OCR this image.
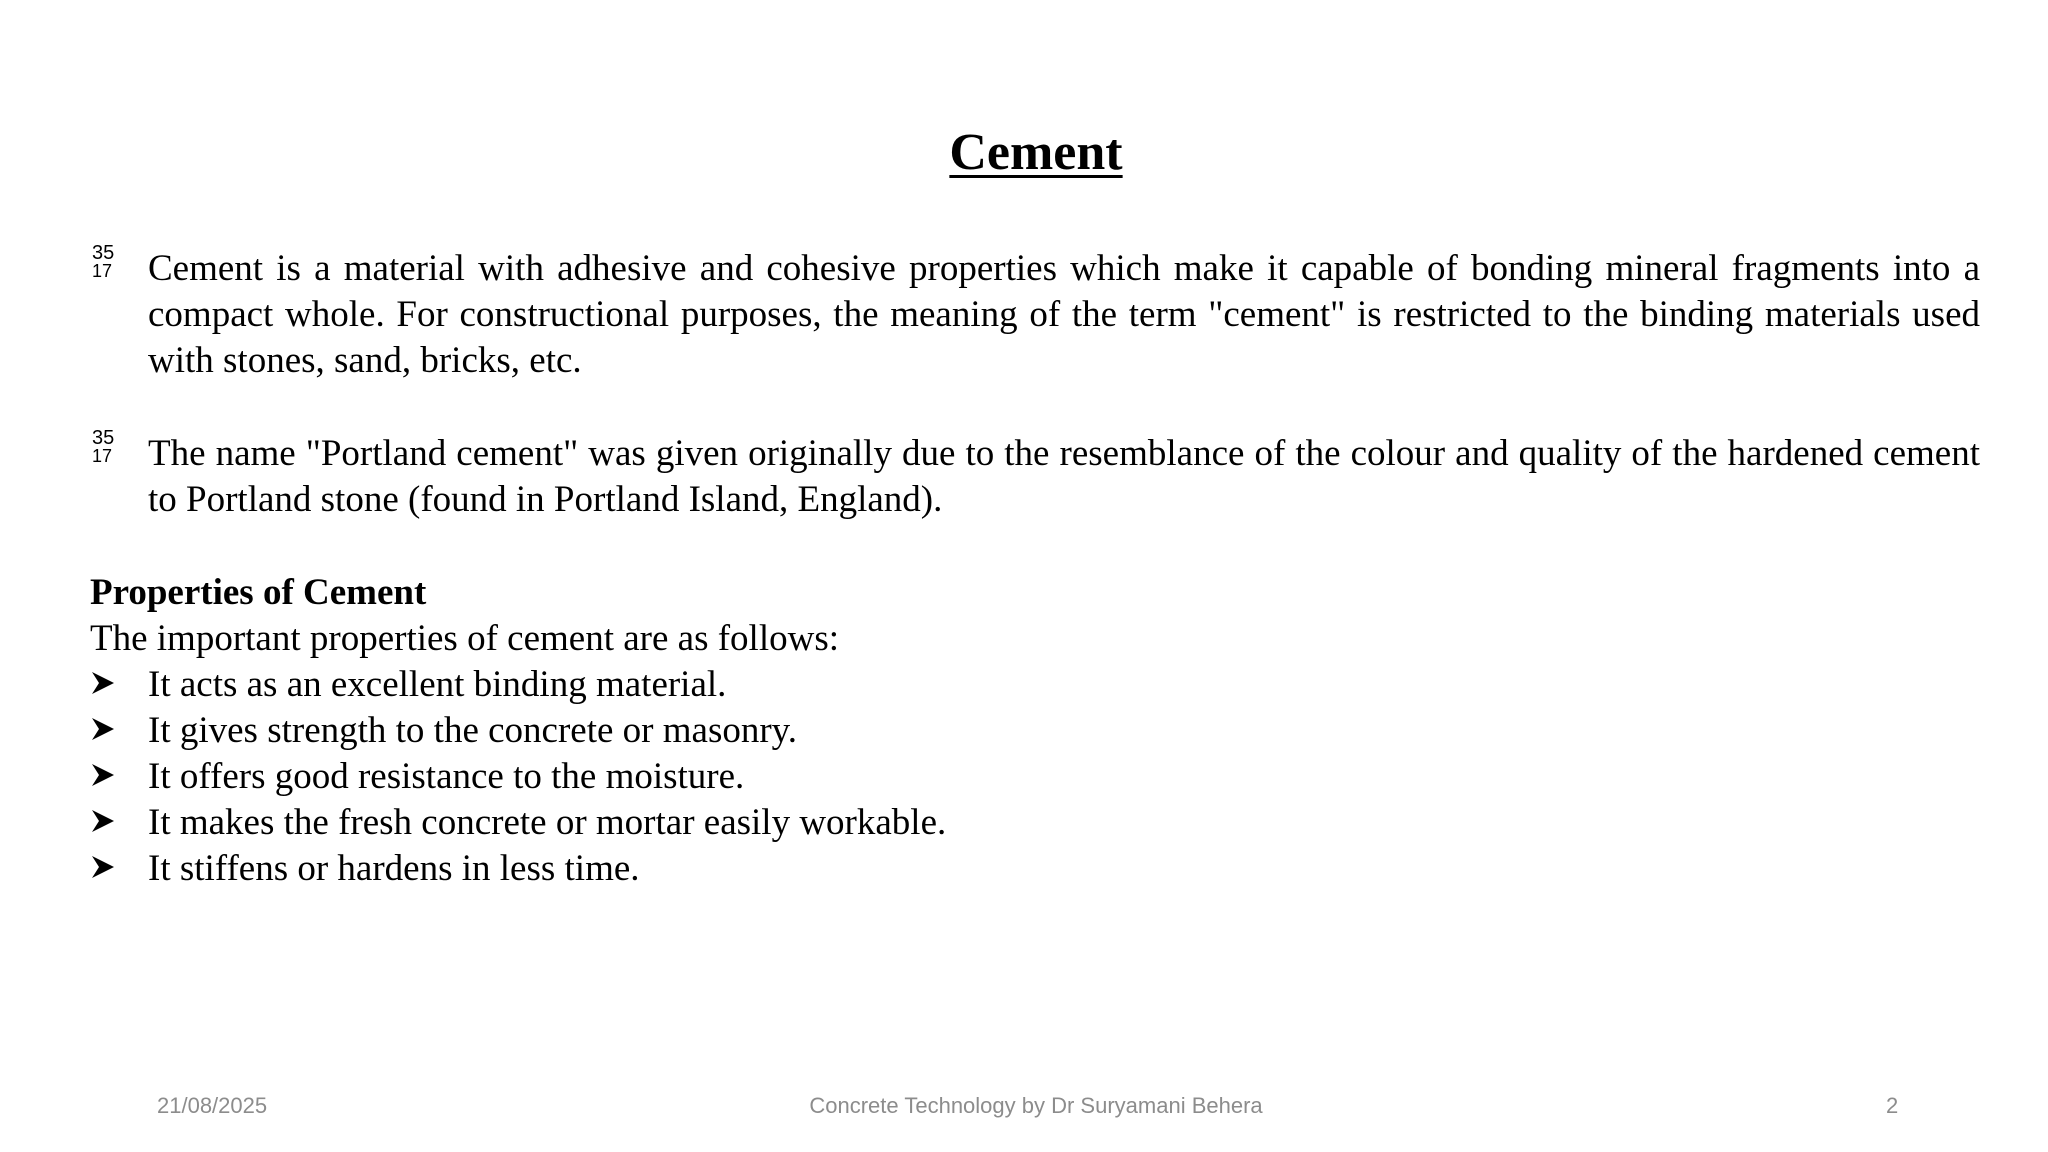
Cement
35
17 Cement is a material with adhesive and cohesive properties which make it capable of bonding mineral fragments into a compact whole. For constructional purposes, the meaning of the term "cement" is restricted to the binding materials used with stones, sand, bricks, etc.
35
17 The name "Portland cement" was given originally due to the resemblance of the colour and quality of the hardened cement to Portland stone (found in Portland Island, England).
Properties of Cement
The important properties of cement are as follows:
It acts as an excellent binding material.
It gives strength to the concrete or masonry.
It offers good resistance to the moisture.
It makes the fresh concrete or mortar easily workable.
It stiffens or hardens in less time.
21/08/2025	Concrete Technology by Dr Suryamani Behera	2
